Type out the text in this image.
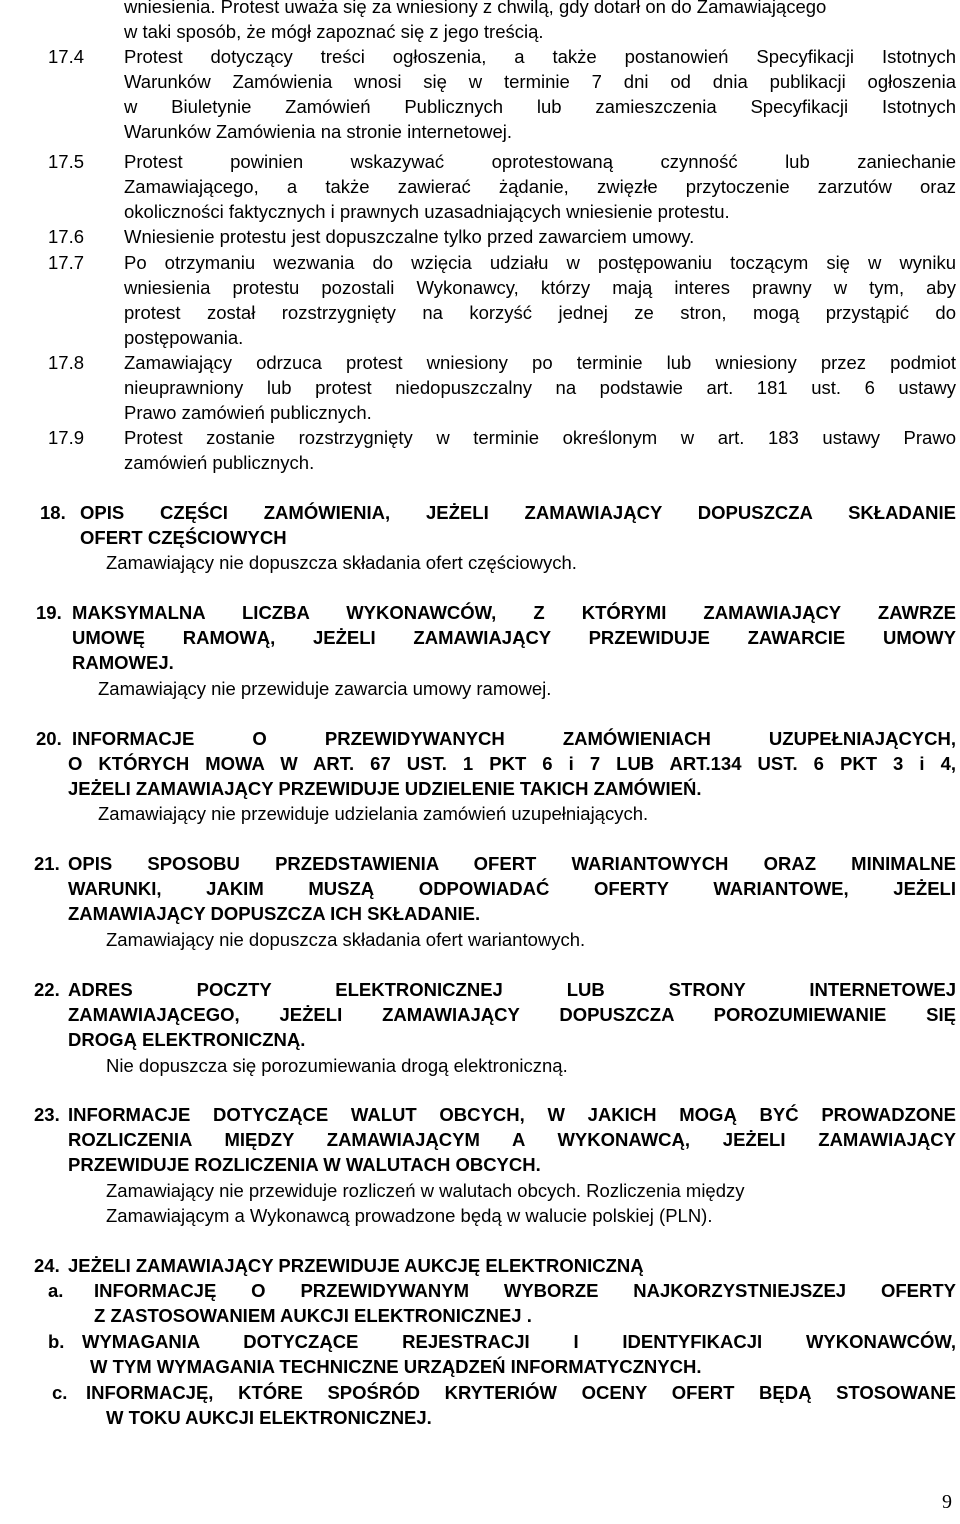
wniesienia. Protest uważa się za wniesiony z chwilą, gdy dotarł on do Zamawiającego
w taki sposób, że mógł zapoznać się z jego treścią.
17.4 Protest dotyczący treści ogłoszenia, a także postanowień Specyfikacji Istotnych
Warunków Zamówienia wnosi się w terminie 7 dni od dnia publikacji ogłoszenia
w Biuletynie Zamówień Publicznych lub zamieszczenia Specyfikacji Istotnych
Warunków Zamówienia na stronie internetowej.
17.5 Protest powinien wskazywać oprotestowaną czynność lub zaniechanie
Zamawiającego, a także zawierać żądanie, zwięzłe przytoczenie zarzutów oraz
okoliczności faktycznych i prawnych uzasadniających wniesienie protestu.
17.6 Wniesienie protestu jest dopuszczalne tylko przed zawarciem umowy.
17.7 Po otrzymaniu wezwania do wzięcia udziału w postępowaniu toczącym się w wyniku
wniesienia protestu pozostali Wykonawcy, którzy mają interes prawny w tym, aby
protest został rozstrzygnięty na korzyść jednej ze stron, mogą przystąpić do
postępowania.
17.8 Zamawiający odrzuca protest wniesiony po terminie lub wniesiony przez podmiot
nieuprawniony lub protest niedopuszczalny na podstawie art. 181 ust. 6 ustawy
Prawo zamówień publicznych.
17.9 Protest zostanie rozstrzygnięty w terminie określonym w art. 183 ustawy Prawo
zamówień publicznych.
18. OPIS CZĘŚCI ZAMÓWIENIA, JEŻELI ZAMAWIAJĄCY DOPUSZCZA SKŁADANIE
OFERT CZĘŚCIOWYCH
Zamawiający nie dopuszcza składania ofert częściowych.
19. MAKSYMALNA LICZBA WYKONAWCÓW, Z KTÓRYMI ZAMAWIAJĄCY ZAWRZE
UMOWĘ RAMOWĄ, JEŻELI ZAMAWIAJĄCY PRZEWIDUJE ZAWARCIE UMOWY
RAMOWEJ.
Zamawiający nie przewiduje zawarcia umowy ramowej.
20. INFORMACJE O PRZEWIDYWANYCH ZAMÓWIENIACH UZUPEŁNIAJĄCYCH,
O KTÓRYCH MOWA W ART. 67 UST. 1 PKT 6 i 7 LUB ART.134 UST. 6 PKT 3 i 4,
JEŻELI ZAMAWIAJĄCY PRZEWIDUJE UDZIELENIE TAKICH ZAMÓWIEŃ.
Zamawiający nie przewiduje udzielania zamówień uzupełniających.
21. OPIS SPOSOBU PRZEDSTAWIENIA OFERT WARIANTOWYCH ORAZ MINIMALNE
WARUNKI, JAKIM MUSZĄ ODPOWIADAĆ OFERTY WARIANTOWE, JEŻELI
ZAMAWIAJĄCY DOPUSZCZA ICH SKŁADANIE.
Zamawiający nie dopuszcza składania ofert wariantowych.
22. ADRES POCZTY ELEKTRONICZNEJ LUB STRONY INTERNETOWEJ
ZAMAWIAJĄCEGO, JEŻELI ZAMAWIAJĄCY DOPUSZCZA POROZUMIEWANIE SIĘ
DROGĄ ELEKTRONICZNĄ.
Nie dopuszcza się porozumiewania drogą elektroniczną.
23. INFORMACJE DOTYCZĄCE WALUT OBCYCH, W JAKICH MOGĄ BYĆ PROWADZONE
ROZLICZENIA MIĘDZY ZAMAWIAJĄCYM A WYKONAWCĄ, JEŻELI ZAMAWIAJĄCY
PRZEWIDUJE ROZLICZENIA W WALUTACH OBCYCH.
Zamawiający nie przewiduje rozliczeń w walutach obcych. Rozliczenia między
Zamawiającym a Wykonawcą prowadzone będą w walucie polskiej (PLN).
24. JEŻELI ZAMAWIAJĄCY PRZEWIDUJE AUKCJĘ ELEKTRONICZNĄ
a. INFORMACJĘ O PRZEWIDYWANYM WYBORZE NAJKORZYSTNIEJSZEJ OFERTY
Z ZASTOSOWANIEM AUKCJI ELEKTRONICZNEJ .
b. WYMAGANIA DOTYCZĄCE REJESTRACJI I IDENTYFIKACJI WYKONAWCÓW,
W TYM WYMAGANIA TECHNICZNE URZĄDZEŃ INFORMATYCZNYCH.
c. INFORMACJĘ, KTÓRE SPOŚRÓD KRYTERIÓW OCENY OFERT BĘDĄ STOSOWANE
W TOKU AUKCJI ELEKTRONICZNEJ.
9
